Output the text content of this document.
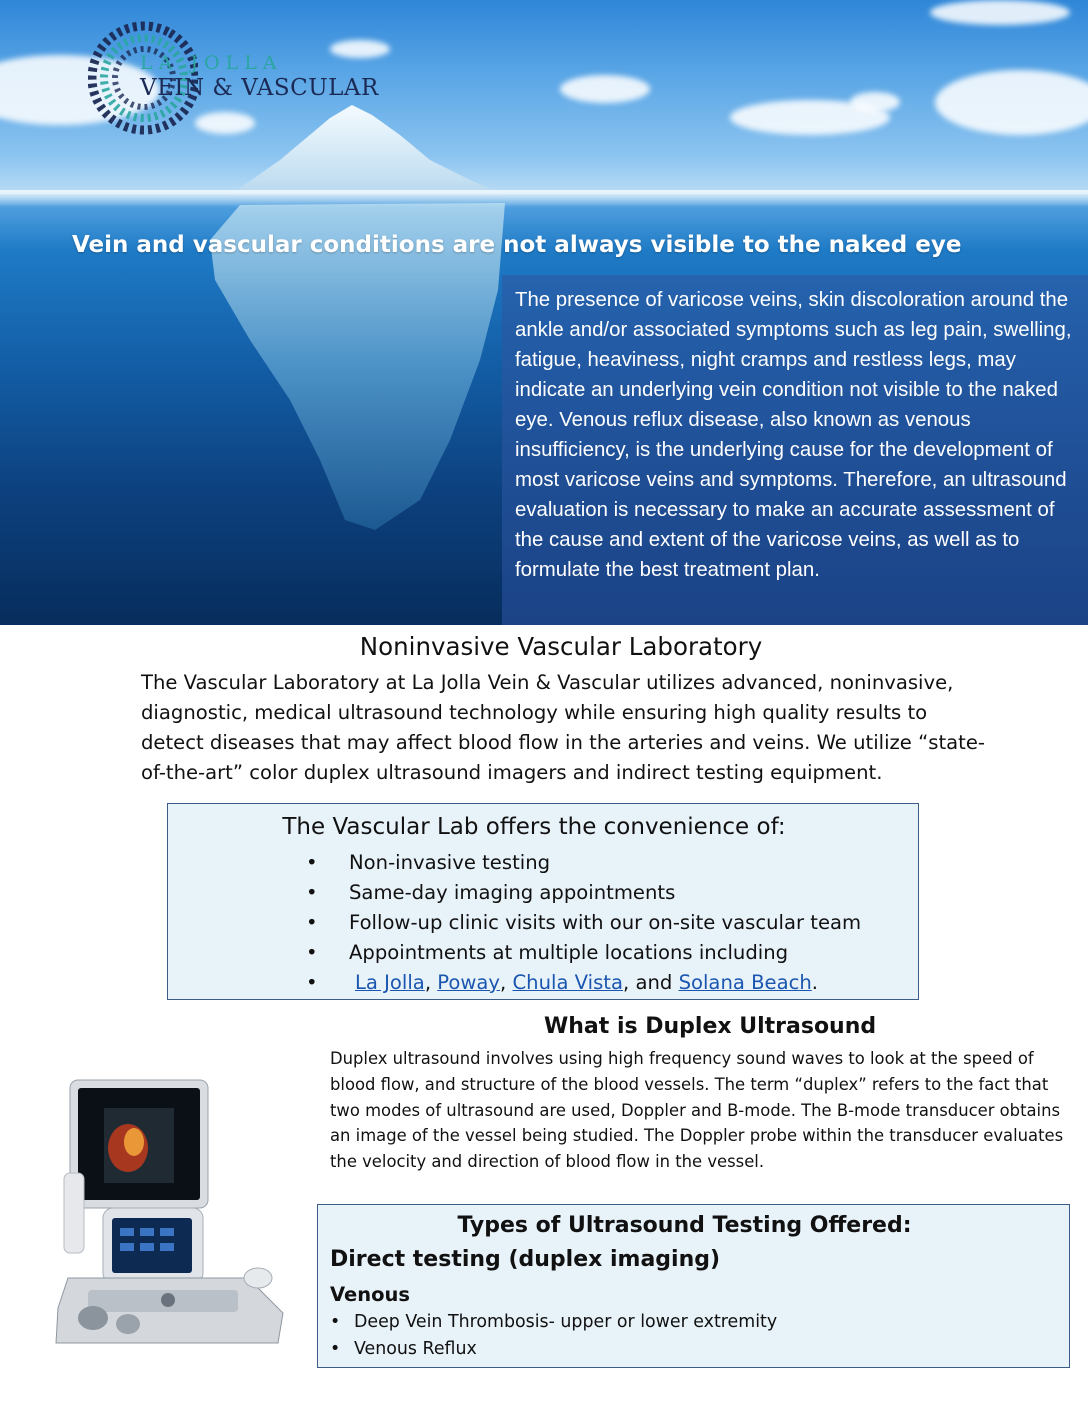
LA JOLLA
VEIN & VASCULAR
Vein and vascular conditions are not always visible to the naked eye

The presence of varicose veins, skin discoloration around the ankle and/or associated symptoms such as leg pain, swelling, fatigue, heaviness, night cramps and restless legs, may indicate an underlying vein condition not visible to the naked eye. Venous reflux disease, also known as venous insufficiency, is the underlying cause for the development of most varicose veins and symptoms. Therefore, an ultrasound evaluation is necessary to make an accurate assessment of the cause and extent of the varicose veins, as well as to formulate the best treatment plan.

Noninvasive Vascular Laboratory

The Vascular Laboratory at La Jolla Vein & Vascular utilizes advanced, noninvasive, diagnostic, medical ultrasound technology while ensuring high quality results to detect diseases that may affect blood flow in the arteries and veins. We utilize “state-of-the-art” color duplex ultrasound imagers and indirect testing equipment.

The Vascular Lab offers the convenience of:
• Non-invasive testing
• Same-day imaging appointments
• Follow-up clinic visits with our on-site vascular team
• Appointments at multiple locations including
• La Jolla, Poway, Chula Vista, and Solana Beach.
What is Duplex Ultrasound

Duplex ultrasound involves using high frequency sound waves to look at the speed of blood flow, and structure of the blood vessels. The term “duplex” refers to the fact that two modes of ultrasound are used, Doppler and B-mode. The B-mode transducer obtains an image of the vessel being studied. The Doppler probe within the transducer evaluates the velocity and direction of blood flow in the vessel.

Types of Ultrasound Testing Offered:
Direct testing (duplex imaging)
Venous
• Deep Vein Thrombosis- upper or lower extremity
• Venous Reflux
